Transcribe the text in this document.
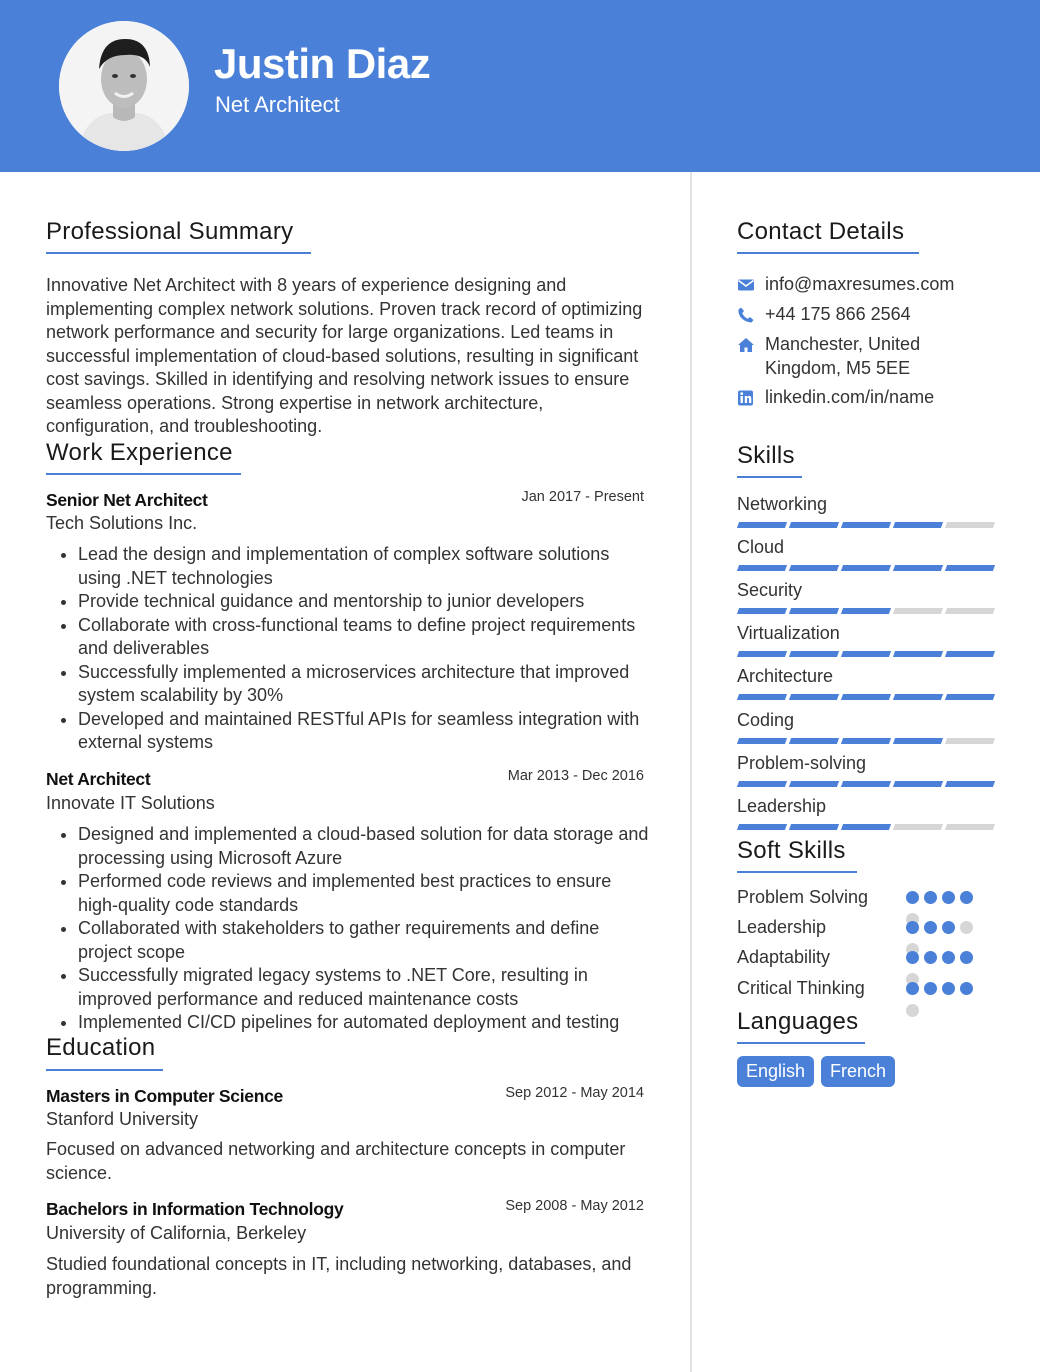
Justin Diaz
Net Architect
Professional Summary
Innovative Net Architect with 8 years of experience designing and implementing complex network solutions. Proven track record of optimizing network performance and security for large organizations. Led teams in successful implementation of cloud-based solutions, resulting in significant cost savings. Skilled in identifying and resolving network issues to ensure seamless operations. Strong expertise in network architecture, configuration, and troubleshooting.
Work Experience
Senior Net Architect	Jan 2017 - Present
Tech Solutions Inc.
Lead the design and implementation of complex software solutions using .NET technologies
Provide technical guidance and mentorship to junior developers
Collaborate with cross-functional teams to define project requirements and deliverables
Successfully implemented a microservices architecture that improved system scalability by 30%
Developed and maintained RESTful APIs for seamless integration with external systems
Net Architect	Mar 2013 - Dec 2016
Innovate IT Solutions
Designed and implemented a cloud-based solution for data storage and processing using Microsoft Azure
Performed code reviews and implemented best practices to ensure high-quality code standards
Collaborated with stakeholders to gather requirements and define project scope
Successfully migrated legacy systems to .NET Core, resulting in improved performance and reduced maintenance costs
Implemented CI/CD pipelines for automated deployment and testing
Education
Masters in Computer Science	Sep 2012 - May 2014
Stanford University
Focused on advanced networking and architecture concepts in computer science.
Bachelors in Information Technology	Sep 2008 - May 2012
University of California, Berkeley
Studied foundational concepts in IT, including networking, databases, and programming.
Contact Details
info@maxresumes.com
+44 175 866 2564
Manchester, United Kingdom, M5 5EE
linkedin.com/in/name
Skills
Networking
Cloud
Security
Virtualization
Architecture
Coding
Problem-solving
Leadership
Soft Skills
Problem Solving
Leadership
Adaptability
Critical Thinking
Languages
English	French
